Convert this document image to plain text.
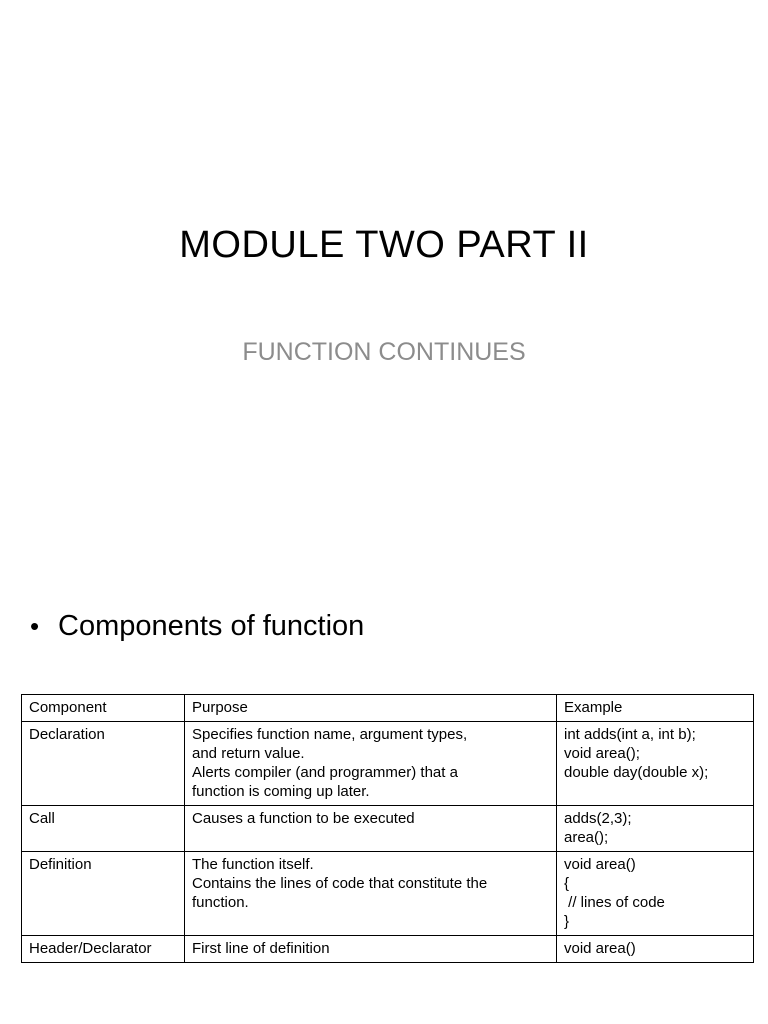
MODULE TWO PART II
FUNCTION CONTINUES
• Components of function
Component	Purpose	Example
Declaration	Specifies function name, argument types,
and return value.
Alerts compiler (and programmer) that a
function is coming up later.	int adds(int a, int b);
void area();
double day(double x);

Call	Causes a function to be executed	adds(2,3);
area();

Definition	The function itself.
Contains the lines of code that constitute the
function.	void area()
{
// lines of code
}

Header/Declarator	First line of definition	void area()
